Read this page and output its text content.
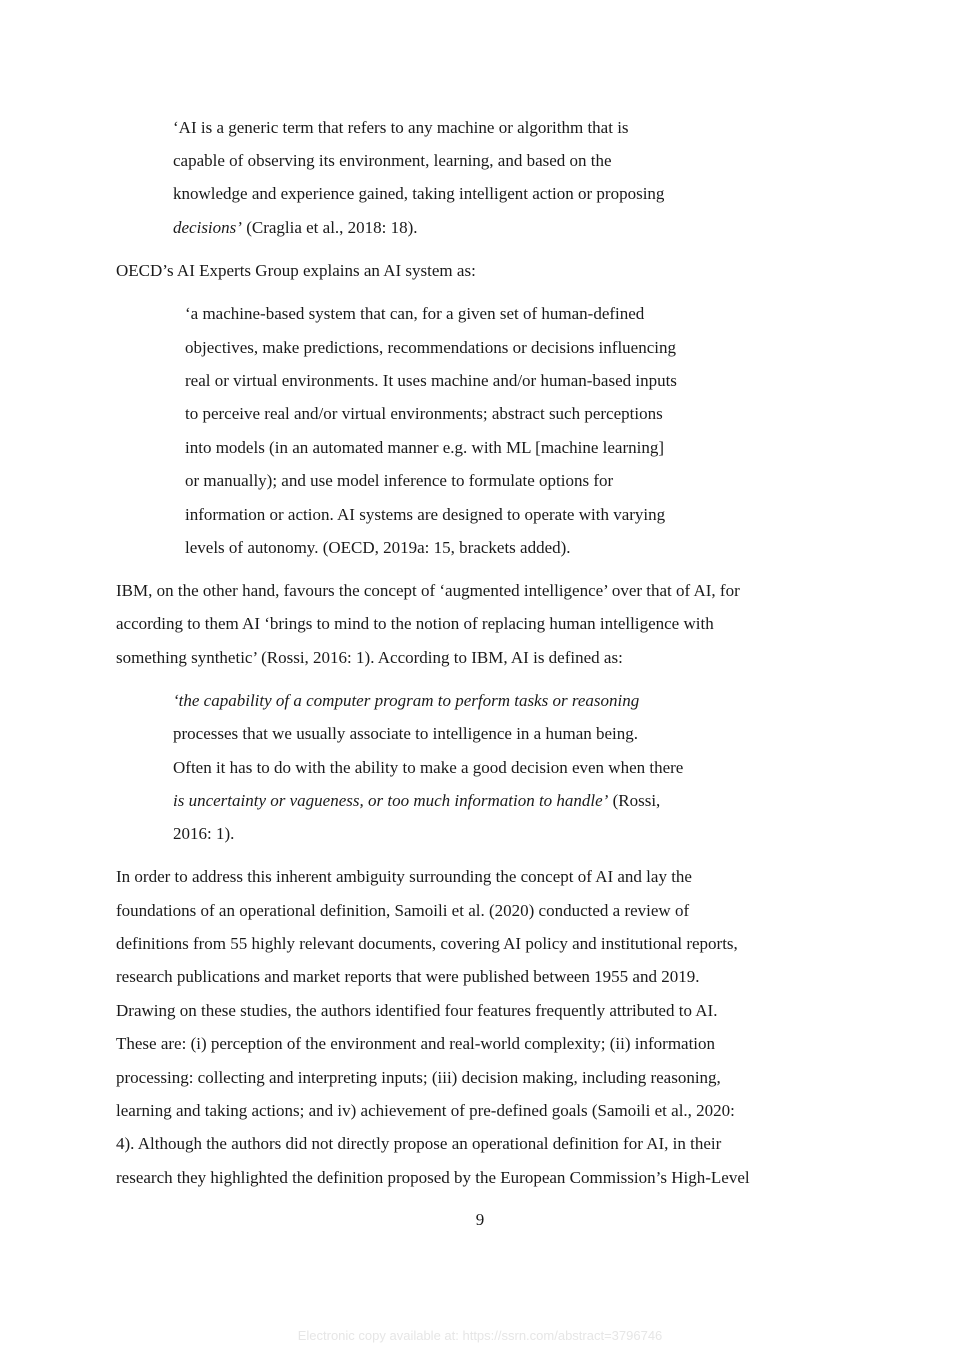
‘AI is a generic term that refers to any machine or algorithm that is
capable of observing its environment, learning, and based on the
knowledge and experience gained, taking intelligent action or proposing
decisions’ (Craglia et al., 2018: 18).
OECD’s AI Experts Group explains an AI system as:
‘a machine-based system that can, for a given set of human-defined
objectives, make predictions, recommendations or decisions influencing
real or virtual environments. It uses machine and/or human-based inputs
to perceive real and/or virtual environments; abstract such perceptions
into models (in an automated manner e.g. with ML [machine learning]
or manually); and use model inference to formulate options for
information or action. AI systems are designed to operate with varying
levels of autonomy. (OECD, 2019a: 15, brackets added).
IBM, on the other hand, favours the concept of ‘augmented intelligence’ over that of AI, for
according to them AI ‘brings to mind to the notion of replacing human intelligence with
something synthetic’ (Rossi, 2016: 1). According to IBM, AI is defined as:
‘the capability of a computer program to perform tasks or reasoning
processes that we usually associate to intelligence in a human being.
Often it has to do with the ability to make a good decision even when there
is uncertainty or vagueness, or too much information to handle’ (Rossi,
2016: 1).
In order to address this inherent ambiguity surrounding the concept of AI and lay the
foundations of an operational definition, Samoili et al. (2020) conducted a review of
definitions from 55 highly relevant documents, covering AI policy and institutional reports,
research publications and market reports that were published between 1955 and 2019.
Drawing on these studies, the authors identified four features frequently attributed to AI.
These are: (i) perception of the environment and real-world complexity; (ii) information
processing: collecting and interpreting inputs; (iii) decision making, including reasoning,
learning and taking actions; and iv) achievement of pre-defined goals (Samoili et al., 2020:
4). Although the authors did not directly propose an operational definition for AI, in their
research they highlighted the definition proposed by the European Commission’s High-Level
9
Electronic copy available at: https://ssrn.com/abstract=3796746
